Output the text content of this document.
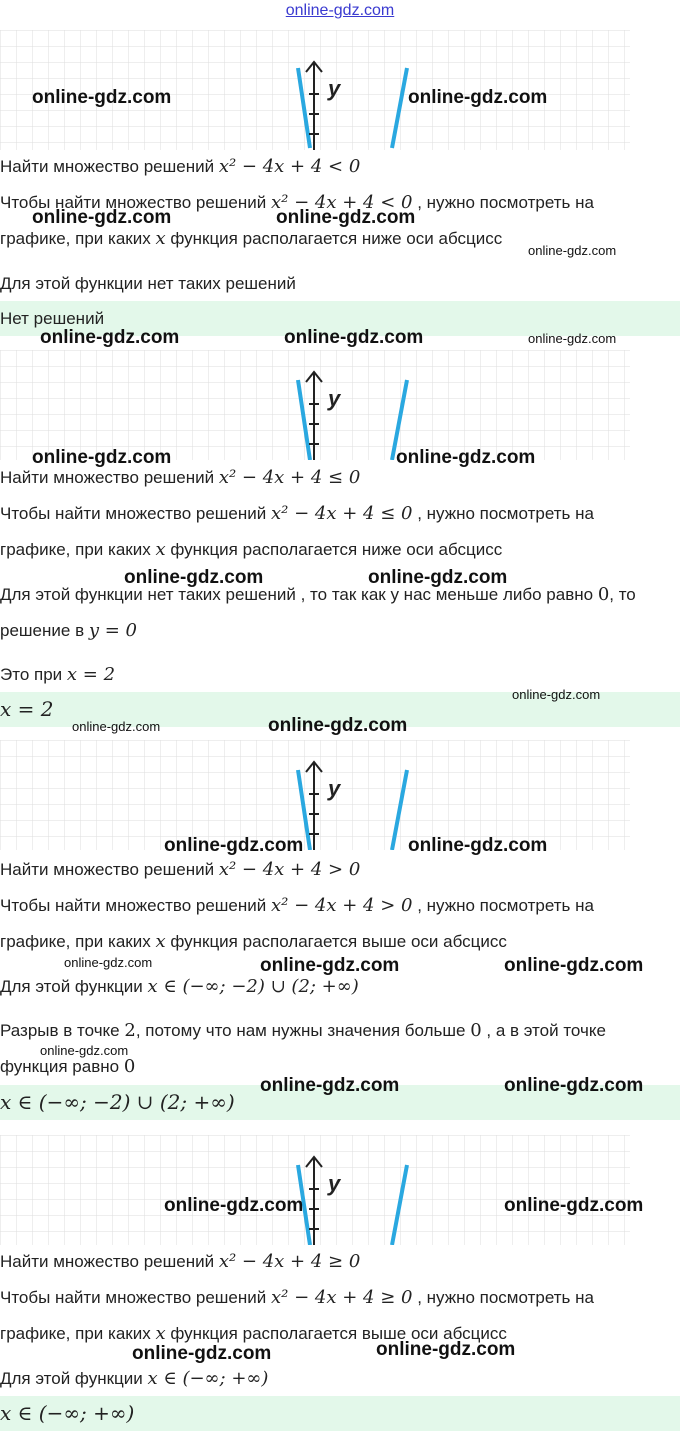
online-gdz.com
y
Найти множество решений x² − 4x + 4 < 0
Чтобы найти множество решений x² − 4x + 4 < 0 , нужно посмотреть на
графике, при каких x функция располагается ниже оси абсцисс
Для этой функции нет таких решений
Нет решений
y
Найти множество решений x² − 4x + 4 ≤ 0
Чтобы найти множество решений x² − 4x + 4 ≤ 0 , нужно посмотреть на
графике, при каких x функция располагается ниже оси абсцисс
Для этой функции нет таких решений , то так как у нас меньше либо равно 0, то
решение в y = 0
Это при x = 2
x = 2
y
Найти множество решений x² − 4x + 4 > 0
Чтобы найти множество решений x² − 4x + 4 > 0 , нужно посмотреть на
графике, при каких x функция располагается выше оси абсцисс
Для этой функции x ∈ (−∞; −2) ∪ (2; +∞)
Разрыв в точке 2, потому что нам нужны значения больше 0 , а в этой точке
функция равно 0
x ∈ (−∞; −2) ∪ (2; +∞)
y
Найти множество решений x² − 4x + 4 ≥ 0
Чтобы найти множество решений x² − 4x + 4 ≥ 0 , нужно посмотреть на
графике, при каких x функция располагается выше оси абсцисс
Для этой функции x ∈ (−∞; +∞)
x ∈ (−∞; +∞)
online-gdz.com	online-gdz.com
online-gdz.com	online-gdz.com
online-gdz.com
online-gdz.com	online-gdz.com	online-gdz.com
online-gdz.com	online-gdz.com
online-gdz.com	online-gdz.com
online-gdz.com
online-gdz.com	online-gdz.com
online-gdz.com	online-gdz.com
online-gdz.com	online-gdz.com	online-gdz.com
online-gdz.com
online-gdz.com	online-gdz.com
online-gdz.com	online-gdz.com
online-gdz.com	online-gdz.com
